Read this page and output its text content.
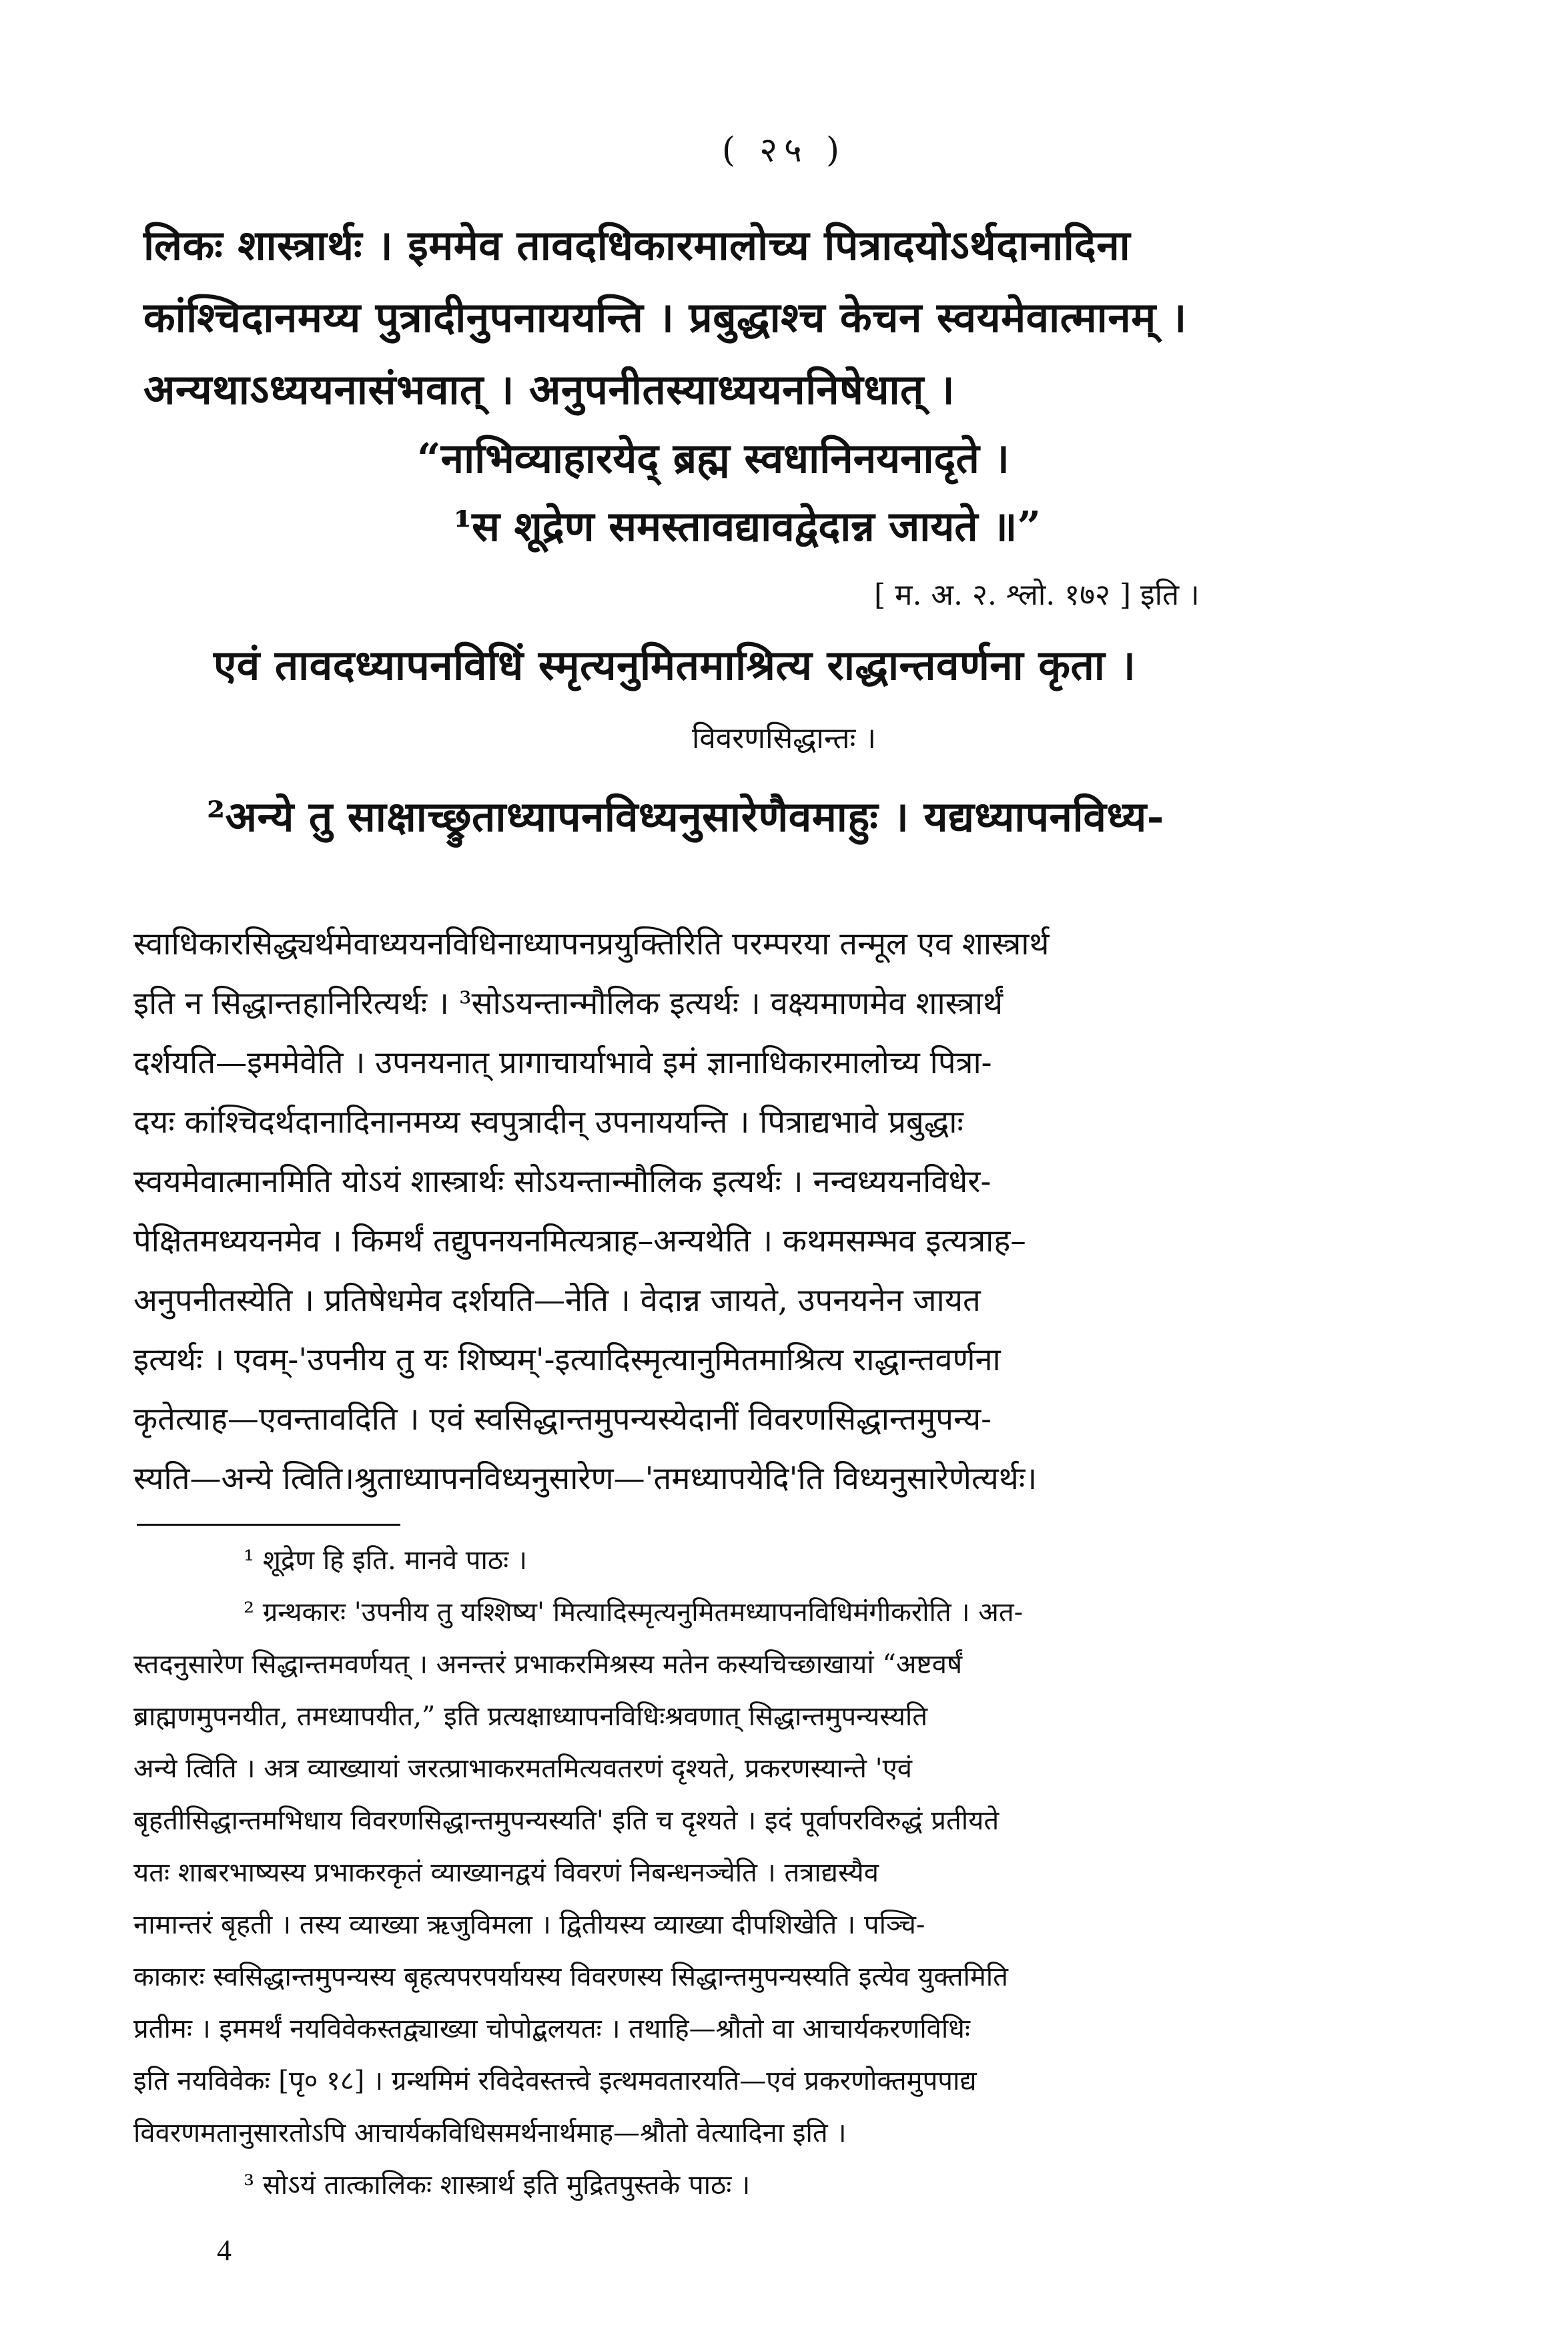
( २५ )
लिकः शास्त्रार्थः । इममेव तावदधिकारमालोच्य पित्रादयोऽर्थदानादिना
कांश्चिदानमय्य पुत्रादीनुपनाययन्ति । प्रबुद्धाश्च केचन स्वयमेवात्मानम् ।
अन्यथाऽध्ययनासंभवात् । अनुपनीतस्याध्ययननिषेधात् ।
“नाभिव्याहारयेद् ब्रह्म स्वधानिनयनादृते ।
¹स शूद्रेण समस्तावद्यावद्वेदान्न जायते ॥”
[ म. अ. २. श्लो. १७२ ] इति ।
एवं तावदध्यापनविधिं स्मृत्यनुमितमाश्रित्य राद्धान्तवर्णना कृता ।
विवरणसिद्धान्तः ।
²अन्ये तु साक्षाच्छ्रुताध्यापनविध्यनुसारेणैवमाहुः । यद्यध्यापनविध्य-
स्वाधिकारसिद्ध्यर्थमेवाध्ययनविधिनाध्यापनप्रयुक्तिरिति परम्परया तन्मूल एव शास्त्रार्थ
इति न सिद्धान्तहानिरित्यर्थः । ³सोऽयन्तान्मौलिक इत्यर्थः । वक्ष्यमाणमेव शास्त्रार्थं
दर्शयति—इममेवेति । उपनयनात् प्रागाचार्याभावे इमं ज्ञानाधिकारमालोच्य पित्रा-
दयः कांश्चिदर्थदानादिनानमय्य स्वपुत्रादीन् उपनाययन्ति । पित्राद्यभावे प्रबुद्धाः
स्वयमेवात्मानमिति योऽयं शास्त्रार्थः सोऽयन्तान्मौलिक इत्यर्थः । नन्वध्ययनविधेर-
पेक्षितमध्ययनमेव । किमर्थं तद्युपनयनमित्यत्राह–अन्यथेति । कथमसम्भव इत्यत्राह–
अनुपनीतस्येति । प्रतिषेधमेव दर्शयति—नेति । वेदान्न जायते, उपनयनेन जायत
इत्यर्थः । एवम्-'उपनीय तु यः शिष्यम्'-इत्यादिस्मृत्यानुमितमाश्रित्य राद्धान्तवर्णना
कृतेत्याह—एवन्तावदिति । एवं स्वसिद्धान्तमुपन्यस्येदानीं विवरणसिद्धान्तमुपन्य-
स्यति—अन्ये त्विति।श्रुताध्यापनविध्यनुसारेण—'तमध्यापयेदि'ति विध्यनुसारेणेत्यर्थः।
¹ शूद्रेण हि इति. मानवे पाठः ।
² ग्रन्थकारः 'उपनीय तु यश्शिष्य' मित्यादिस्मृत्यनुमितमध्यापनविधिमंगीकरोति । अत-
स्तदनुसारेण सिद्धान्तमवर्णयत् । अनन्तरं प्रभाकरमिश्रस्य मतेन कस्यचिच्छाखायां “अष्टवर्षं
ब्राह्मणमुपनयीत, तमध्यापयीत,” इति प्रत्यक्षाध्यापनविधिःश्रवणात् सिद्धान्तमुपन्यस्यति
अन्ये त्विति । अत्र व्याख्यायां जरत्प्राभाकरमतमित्यवतरणं दृश्यते, प्रकरणस्यान्ते 'एवं
बृहतीसिद्धान्तमभिधाय विवरणसिद्धान्तमुपन्यस्यति' इति च दृश्यते । इदं पूर्वापरविरुद्धं प्रतीयते
यतः शाबरभाष्यस्य प्रभाकरकृतं व्याख्यानद्वयं विवरणं निबन्धनञ्चेति । तत्राद्यस्यैव
नामान्तरं बृहती । तस्य व्याख्या ऋजुविमला । द्वितीयस्य व्याख्या दीपशिखेति । पञ्चि-
काकारः स्वसिद्धान्तमुपन्यस्य बृहत्यपरपर्यायस्य विवरणस्य सिद्धान्तमुपन्यस्यति इत्येव युक्तमिति
प्रतीमः । इममर्थं नयविवेकस्तद्व्याख्या चोपोद्बलयतः । तथाहि—श्रौतो वा आचार्यकरणविधिः
इति नयविवेकः [पृ० १८] । ग्रन्थमिमं रविदेवस्तत्त्वे इत्थमवतारयति—एवं प्रकरणोक्तमुपपाद्य
विवरणमतानुसारतोऽपि आचार्यकविधिसमर्थनार्थमाह—श्रौतो वेत्यादिना इति ।
³ सोऽयं तात्कालिकः शास्त्रार्थ इति मुद्रितपुस्तके पाठः ।
4
